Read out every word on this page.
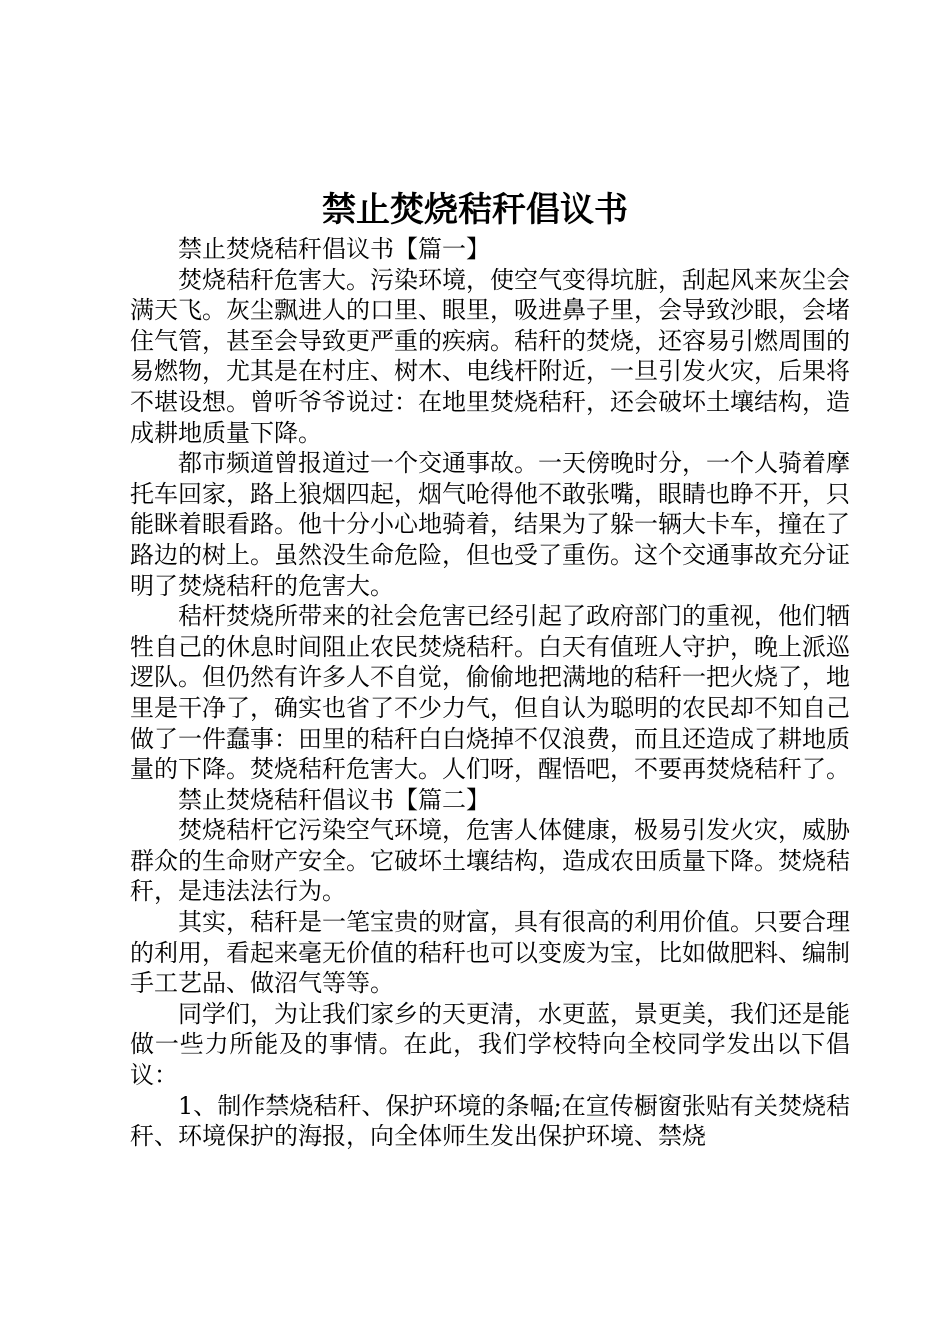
禁止焚烧秸秆倡议书

禁止焚烧秸秆倡议书【篇一】

焚烧秸秆危害大。污染环境，使空气变得坑脏，刮起风来灰尘会满天飞。灰尘飘进人的口里、眼里，吸进鼻子里，会导致沙眼，会堵住气管，甚至会导致更严重的疾病。秸秆的焚烧，还容易引燃周围的易燃物，尤其是在村庄、树木、电线杆附近，一旦引发火灾，后果将不堪设想。曾听爷爷说过：在地里焚烧秸秆，还会破坏土壤结构，造成耕地质量下降。

都市频道曾报道过一个交通事故。一天傍晚时分，一个人骑着摩托车回家，路上狼烟四起，烟气呛得他不敢张嘴，眼睛也睁不开，只能眯着眼看路。他十分小心地骑着，结果为了躲一辆大卡车，撞在了路边的树上。虽然没生命危险，但也受了重伤。这个交通事故充分证明了焚烧秸秆的危害大。

秸杆焚烧所带来的社会危害已经引起了政府部门的重视，他们牺牲自己的休息时间阻止农民焚烧秸秆。白天有值班人守护，晚上派巡逻队。但仍然有许多人不自觉，偷偷地把满地的秸秆一把火烧了，地里是干净了，确实也省了不少力气，但自认为聪明的农民却不知自己做了一件蠢事：田里的秸秆白白烧掉不仅浪费，而且还造成了耕地质量的下降。焚烧秸秆危害大。人们呀，醒悟吧，不要再焚烧秸秆了。

禁止焚烧秸秆倡议书【篇二】

焚烧秸杆它污染空气环境，危害人体健康，极易引发火灾，威胁群众的生命财产安全。它破坏土壤结构，造成农田质量下降。焚烧秸秆，是违法法行为。

其实，秸秆是一笔宝贵的财富，具有很高的利用价值。只要合理的利用，看起来毫无价值的秸秆也可以变废为宝，比如做肥料、编制手工艺品、做沼气等等。

同学们，为让我们家乡的天更清，水更蓝，景更美，我们还是能做一些力所能及的事情。在此，我们学校特向全校同学发出以下倡议：

1、制作禁烧秸秆、保护环境的条幅;在宣传橱窗张贴有关焚烧秸秆、环境保护的海报，向全体师生发出保护环境、禁烧
